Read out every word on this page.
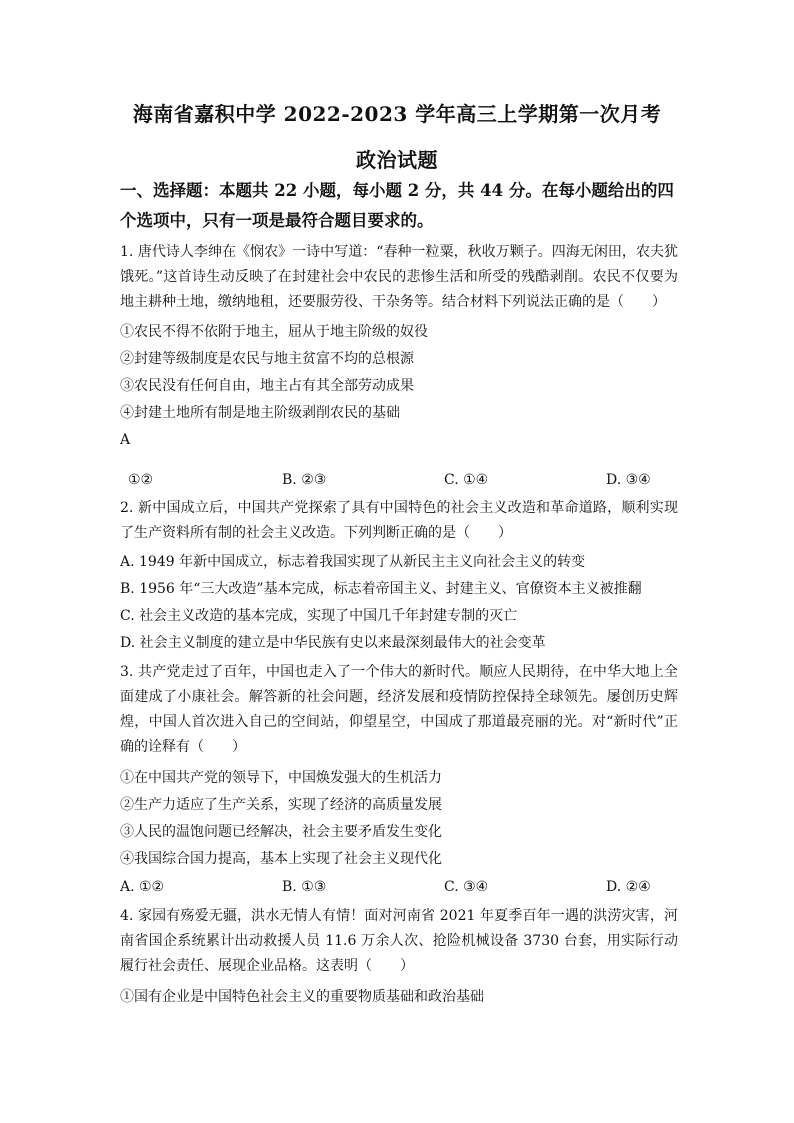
海南省嘉积中学 2022-2023 学年高三上学期第一次月考
政治试题
一、选择题：本题共 22 小题，每小题 2 分，共 44 分。在每小题给出的四个选项中，只有一项是最符合题目要求的。
1. 唐代诗人李绅在《悯农》一诗中写道：“春种一粒粟，秋收万颗子。四海无闲田，农夫犹饿死。”这首诗生动反映了在封建社会中农民的悲惨生活和所受的残酷剥削。农民不仅要为地主耕种土地，缴纳地租，还要服劳役、干杂务等。结合材料下列说法正确的是（　　）
①农民不得不依附于地主，屈从于地主阶级的奴役
②封建等级制度是农民与地主贫富不均的总根源
③农民没有任何自由，地主占有其全部劳动成果
④封建土地所有制是地主阶级剥削农民的基础
A
①②	B. ②③	C. ①④	D. ③④
2. 新中国成立后，中国共产党探索了具有中国特色的社会主义改造和革命道路，顺利实现了生产资料所有制的社会主义改造。下列判断正确的是（　　）
A. 1949 年新中国成立，标志着我国实现了从新民主主义向社会主义的转变
B. 1956 年“三大改造”基本完成，标志着帝国主义、封建主义、官僚资本主义被推翻
C. 社会主义改造的基本完成，实现了中国几千年封建专制的灭亡
D. 社会主义制度的建立是中华民族有史以来最深刻最伟大的社会变革
3. 共产党走过了百年，中国也走入了一个伟大的新时代。顺应人民期待，在中华大地上全面建成了小康社会。解答新的社会问题，经济发展和疫情防控保持全球领先。屡创历史辉煌，中国人首次进入自己的空间站，仰望星空，中国成了那道最亮丽的光。对“新时代”正确的诠释有（　　）
①在中国共产党的领导下，中国焕发强大的生机活力
②生产力适应了生产关系，实现了经济的高质量发展
③人民的温饱问题已经解决，社会主要矛盾发生变化
④我国综合国力提高，基本上实现了社会主义现代化
A. ①②	B. ①③	C. ③④	D. ②④
4. 家园有殇爱无疆，洪水无情人有情！面对河南省 2021 年夏季百年一遇的洪涝灾害，河南省国企系统累计出动救援人员 11.6 万余人次、抢险机械设备 3730 台套，用实际行动履行社会责任、展现企业品格。这表明（　　）
①国有企业是中国特色社会主义的重要物质基础和政治基础
